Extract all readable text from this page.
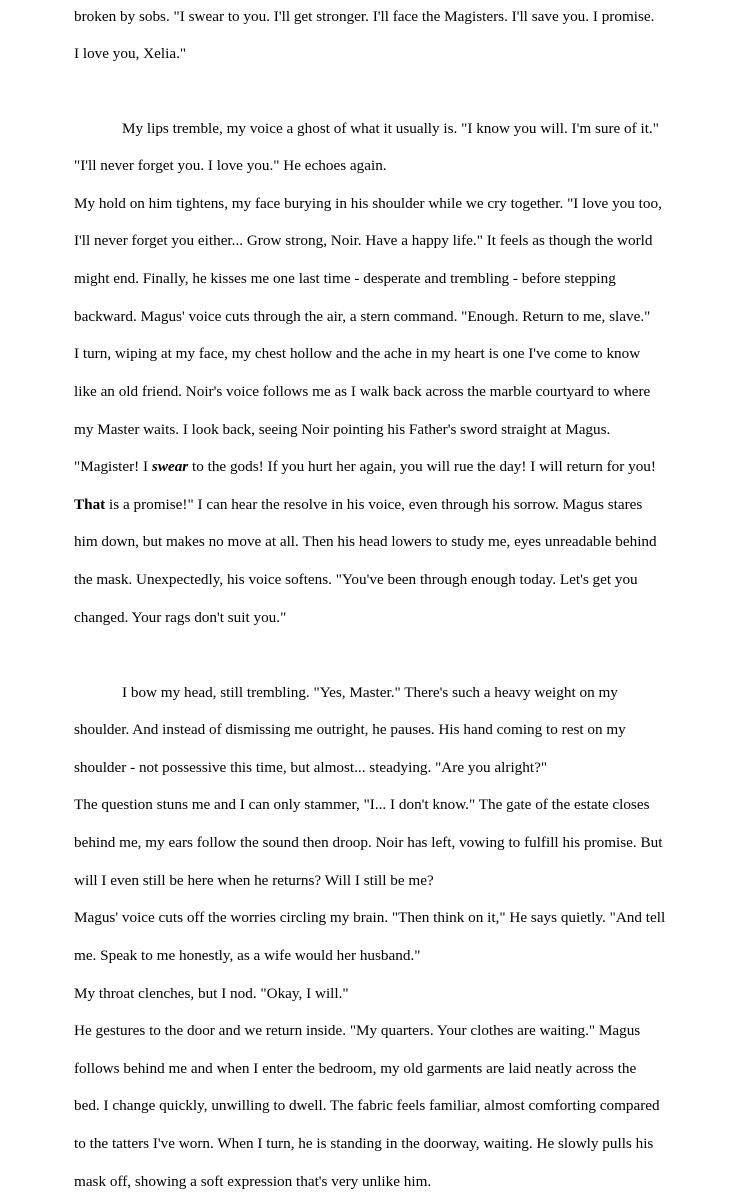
broken by sobs. "I swear to you. I'll get stronger. I'll face the Magisters. I'll save you. I promise.
I love you, Xelia."
My lips tremble, my voice a ghost of what it usually is. "I know you will. I'm sure of it."
"I'll never forget you. I love you." He echoes again.
My hold on him tightens, my face burying in his shoulder while we cry together. "I love you too,
I'll never forget you either... Grow strong, Noir. Have a happy life." It feels as though the world
might end. Finally, he kisses me one last time - desperate and trembling - before stepping
backward. Magus' voice cuts through the air, a stern command. "Enough. Return to me, slave."
I turn, wiping at my face, my chest hollow and the ache in my heart is one I've come to know
like an old friend. Noir's voice follows me as I walk back across the marble courtyard to where
my Master waits. I look back, seeing Noir pointing his Father's sword straight at Magus.
"Magister! I swear to the gods! If you hurt her again, you will rue the day! I will return for you!
That is a promise!" I can hear the resolve in his voice, even through his sorrow. Magus stares
him down, but makes no move at all. Then his head lowers to study me, eyes unreadable behind
the mask. Unexpectedly, his voice softens. "You've been through enough today. Let's get you
changed. Your rags don't suit you."
I bow my head, still trembling. "Yes, Master." There's such a heavy weight on my
shoulder. And instead of dismissing me outright, he pauses. His hand coming to rest on my
shoulder - not possessive this time, but almost... steadying. "Are you alright?"
The question stuns me and I can only stammer, "I... I don't know." The gate of the estate closes
behind me, my ears follow the sound then droop. Noir has left, vowing to fulfill his promise. But
will I even still be here when he returns? Will I still be me?
Magus' voice cuts off the worries circling my brain. "Then think on it," He says quietly. "And tell
me. Speak to me honestly, as a wife would her husband."
My throat clenches, but I nod. "Okay, I will."
He gestures to the door and we return inside. "My quarters. Your clothes are waiting." Magus
follows behind me and when I enter the bedroom, my old garments are laid neatly across the
bed. I change quickly, unwilling to dwell. The fabric feels familiar, almost comforting compared
to the tatters I've worn. When I turn, he is standing in the doorway, waiting. He slowly pulls his
mask off, showing a soft expression that's very unlike him.
